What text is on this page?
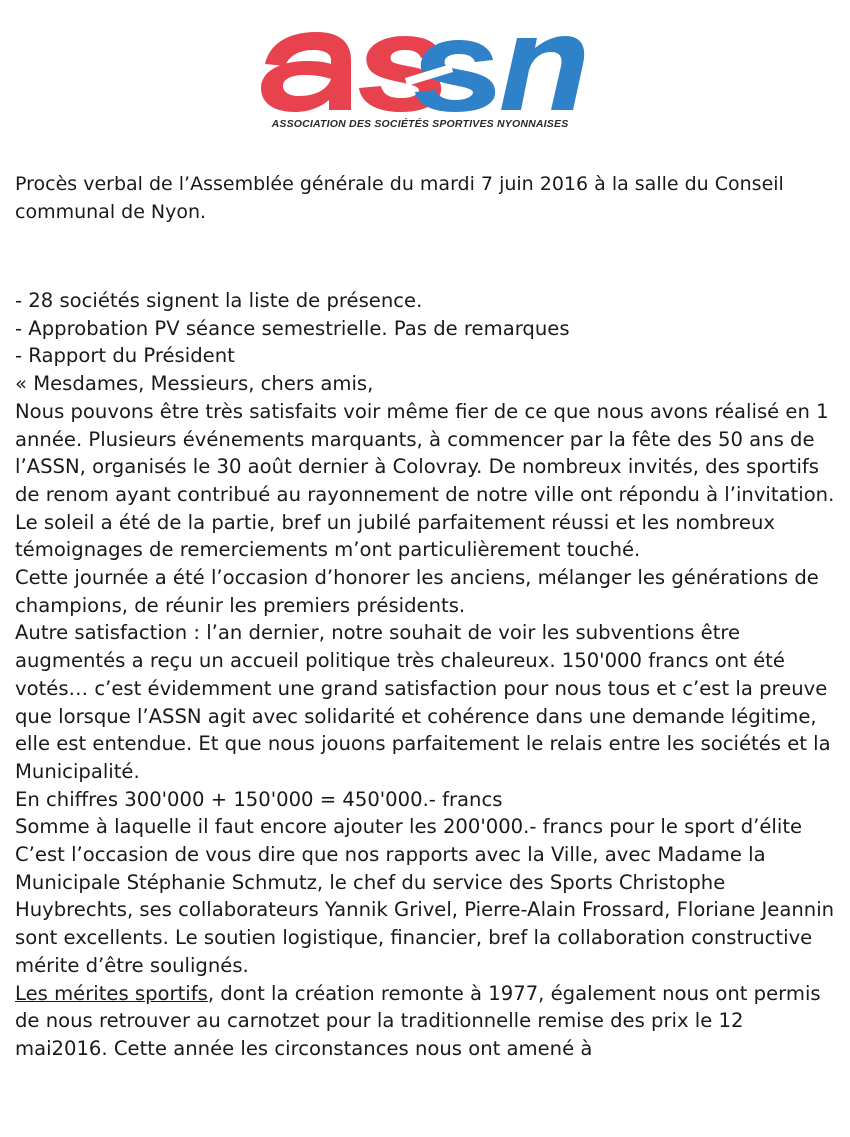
ASSOCIATION DES SOCIÉTÉS SPORTIVES NYONNAISES
Procès verbal de l’Assemblée générale du mardi 7 juin 2016 à la salle du Conseil communal de Nyon.

- 28 sociétés signent la liste de présence.

- Approbation PV séance semestrielle. Pas de remarques

- Rapport du Président

« Mesdames, Messieurs, chers amis,

Nous pouvons être très satisfaits voir même fier de ce que nous avons réalisé en 1 année. Plusieurs événements marquants, à commencer par la fête des 50 ans de l’ASSN, organisés le 30 août dernier à Colovray. De nombreux invités, des sportifs de renom ayant contribué au rayonnement de notre ville ont répondu à l’invitation. Le soleil a été de la partie, bref un jubilé parfaitement réussi et les nombreux témoignages de remerciements m’ont particulièrement touché.

Cette journée a été l’occasion d’honorer les anciens, mélanger les générations de champions, de réunir les premiers présidents.

Autre satisfaction : l’an dernier, notre souhait de voir les subventions être augmentés a reçu un accueil politique très chaleureux. 150'000 francs ont été votés… c’est évidemment une grand satisfaction pour nous tous et c’est la preuve que lorsque l’ASSN agit avec solidarité et cohérence dans une demande légitime, elle est entendue. Et que nous jouons parfaitement le relais entre les sociétés et la Municipalité.

En chiffres 300'000 + 150'000 = 450'000.- francs

Somme à laquelle il faut encore ajouter les 200'000.- francs pour le sport d’élite

C’est l’occasion de vous dire que nos rapports avec la Ville, avec Madame la Municipale Stéphanie Schmutz, le chef du service des Sports Christophe Huybrechts, ses collaborateurs Yannik Grivel, Pierre-Alain Frossard, Floriane Jeannin sont excellents. Le soutien logistique, financier, bref la collaboration constructive mérite d’être soulignés.

Les mérites sportifs, dont la création remonte à 1977, également nous ont permis de nous retrouver au carnotzet pour la traditionnelle remise des prix le 12 mai2016. Cette année les circonstances nous ont amené à
